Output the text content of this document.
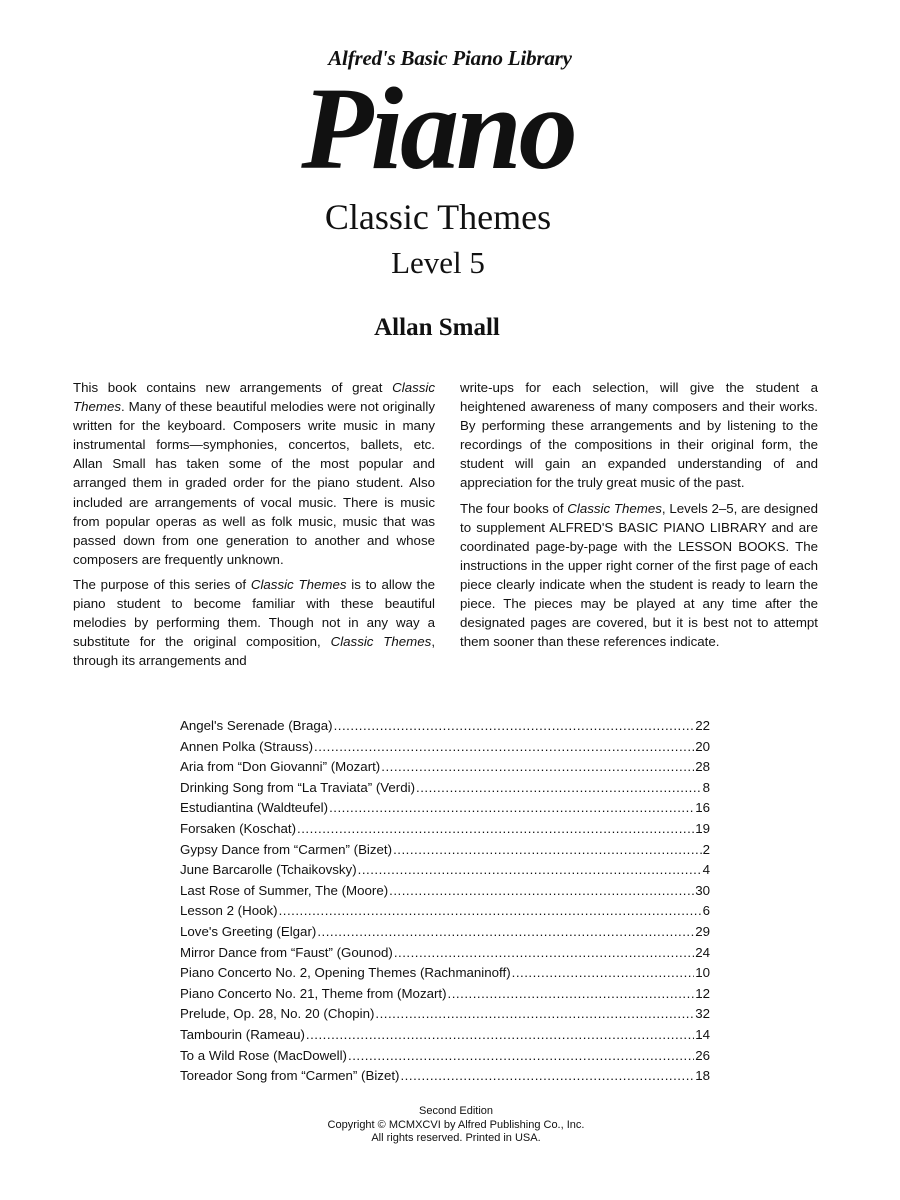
Alfred's Basic Piano Library
Piano
Classic Themes
Level 5
Allan Small

This book contains new arrangements of great Classic Themes. Many of these beautiful melodies were not originally written for the keyboard. Composers write music in many instrumental forms—symphonies, concertos, ballets, etc. Allan Small has taken some of the most popular and arranged them in graded order for the piano student. Also included are arrangements of vocal music. There is music from popular operas as well as folk music, music that was passed down from one generation to another and whose composers are frequently unknown.

The purpose of this series of Classic Themes is to allow the piano student to become familiar with these beautiful melodies by performing them. Though not in any way a substitute for the original composition, Classic Themes, through its arrangements and

write-ups for each selection, will give the student a heightened awareness of many composers and their works. By performing these arrangements and by listening to the recordings of the compositions in their original form, the student will gain an expanded understanding of and appreciation for the truly great music of the past.

The four books of Classic Themes, Levels 2–5, are designed to supplement ALFRED'S BASIC PIANO LIBRARY and are coordinated page-by-page with the LESSON BOOKS. The instructions in the upper right corner of the first page of each piece clearly indicate when the student is ready to learn the piece. The pieces may be played at any time after the designated pages are covered, but it is best not to attempt them sooner than these references indicate.

Angel's Serenade (Braga) .....	22
Annen Polka (Strauss) .....	20
Aria from “Don Giovanni” (Mozart) .....	28
Drinking Song from “La Traviata” (Verdi) .....	8
Estudiantina (Waldteufel) .....	16
Forsaken (Koschat) .....	19
Gypsy Dance from “Carmen” (Bizet) .....	2
June Barcarolle (Tchaikovsky) .....	4
Last Rose of Summer, The (Moore) .....	30
Lesson 2 (Hook) .....	6
Love's Greeting (Elgar) .....	29
Mirror Dance from “Faust” (Gounod) .....	24
Piano Concerto No. 2, Opening Themes (Rachmaninoff) .....	10
Piano Concerto No. 21, Theme from (Mozart) .....	12
Prelude, Op. 28, No. 20 (Chopin) .....	32
Tambourin (Rameau) .....	14
To a Wild Rose (MacDowell) .....	26
Toreador Song from “Carmen” (Bizet) .....	18
Second Edition
Copyright © MCMXCVI by Alfred Publishing Co., Inc.
All rights reserved. Printed in USA.
